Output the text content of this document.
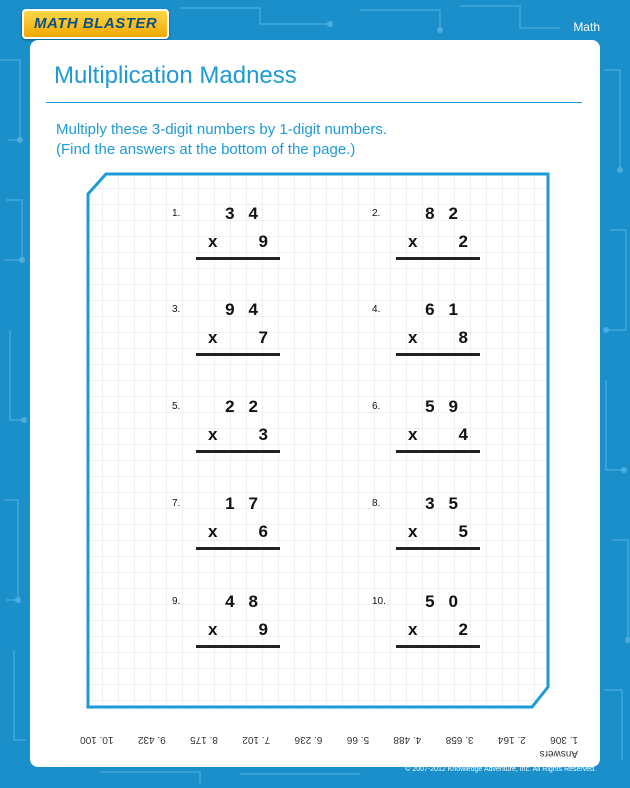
MATH BLASTER	Math
Multiplication Madness
Multiply these 3-digit numbers by 1-digit numbers.
(Find the answers at the bottom of the page.)
1.	34
x 9
2.	82
x 2
3.	94
x 7
4.	61
x 8
5.	22
x 3
6.	59
x 4
7.	17
x 6
8.	35
x 5
9.	48
x 9
10. 50
x 2
Answers
1. 306
2. 164
3. 658
4. 488
5. 66
6. 236
7. 102
8. 175
9. 432
10. 100
© 2007-2012 Knowledge Adventure, Inc. All Rights Reserved.
